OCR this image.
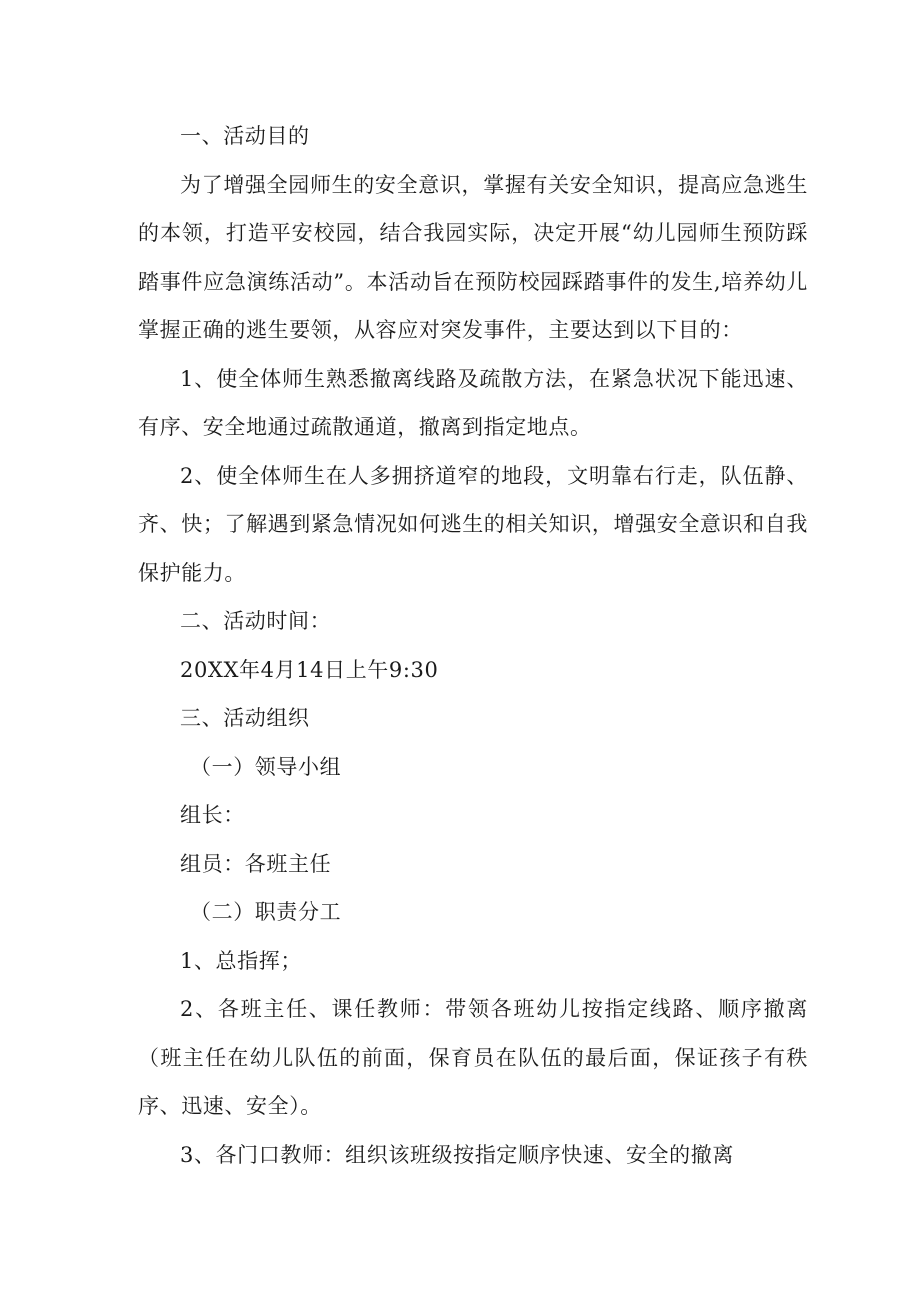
一、活动目的

为了增强全园师生的安全意识，掌握有关安全知识，提高应急逃生的本领，打造平安校园，结合我园实际，决定开展“幼儿园师生预防踩踏事件应急演练活动”。本活动旨在预防校园踩踏事件的发生,培养幼儿掌握正确的逃生要领，从容应对突发事件，主要达到以下目的：

1、使全体师生熟悉撤离线路及疏散方法，在紧急状况下能迅速、有序、安全地通过疏散通道，撤离到指定地点。

2、使全体师生在人多拥挤道窄的地段，文明靠右行走，队伍静、齐、快；了解遇到紧急情况如何逃生的相关知识，增强安全意识和自我保护能力。

二、活动时间：

20XX年4月14日上午9:30

三、活动组织

（一）领导小组

组长：

组员：各班主任

（二）职责分工

1、总指挥；

2、各班主任、课任教师：带领各班幼儿按指定线路、顺序撤离（班主任在幼儿队伍的前面，保育员在队伍的最后面，保证孩子有秩序、迅速、安全）。

3、各门口教师：组织该班级按指定顺序快速、安全的撤离
